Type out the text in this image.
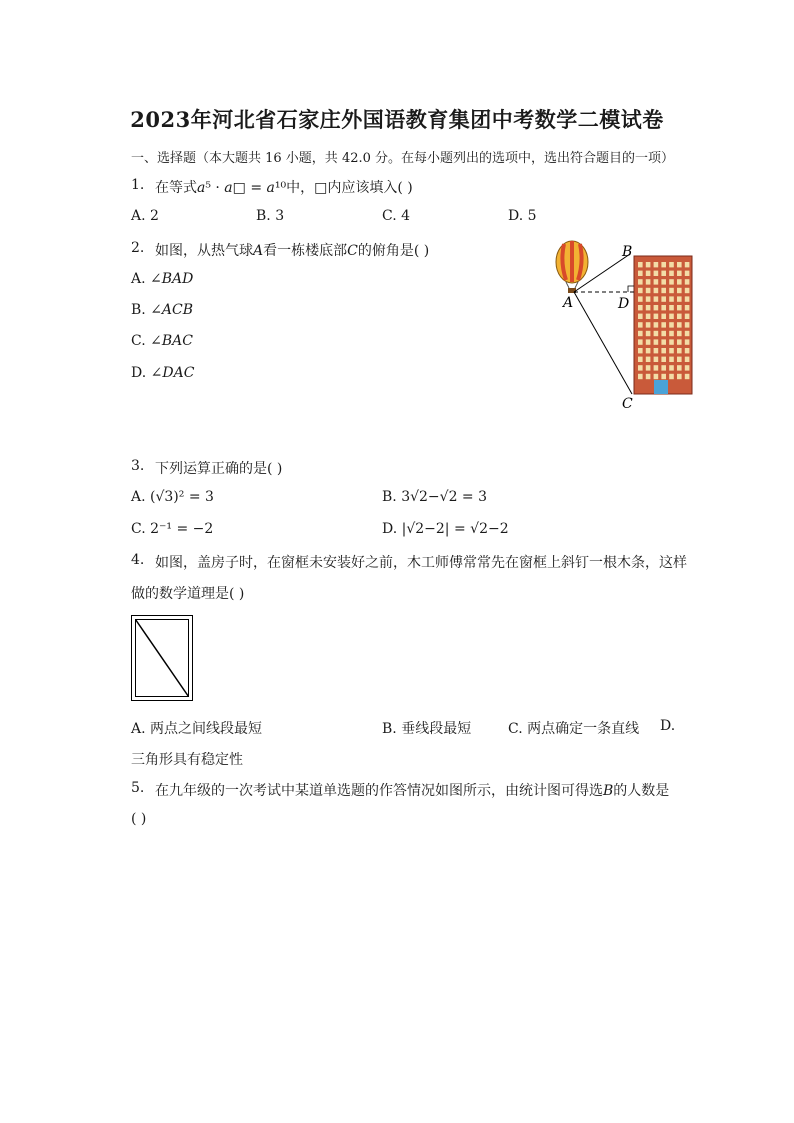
2023年河北省石家庄外国语教育集团中考数学二模试卷
一、选择题（本大题共 16 小题，共 42.0 分。在每小题列出的选项中，选出符合题目的一项）
1. 在等式𝑎⁵ · 𝑎□ = 𝑎¹⁰中，□内应该填入( )
A. 2	B. 3	C. 4	D. 5
2. 如图，从热气球𝐴看一栋楼底部𝐶的俯角是( )
A. ∠𝐵𝐴𝐷
B. ∠𝐴𝐶𝐵
C. ∠𝐵𝐴𝐶
D. ∠𝐷𝐴𝐶
B
A	D
C
3. 下列运算正确的是( )
A. (√3)² = 3	B. 3√2−√2 = 3
C. 2⁻¹ = −2	D. |√2−2| = √2−2
4. 如图，盖房子时，在窗框未安装好之前，木工师傅常常先在窗框上斜钉一根木条，这样
做的数学道理是( )
A. 两点之间线段最短	B. 垂线段最短	C. 两点确定一条直线 D.
三角形具有稳定性
5. 在九年级的一次考试中某道单选题的作答情况如图所示，由统计图可得选𝐵的人数是
( )
